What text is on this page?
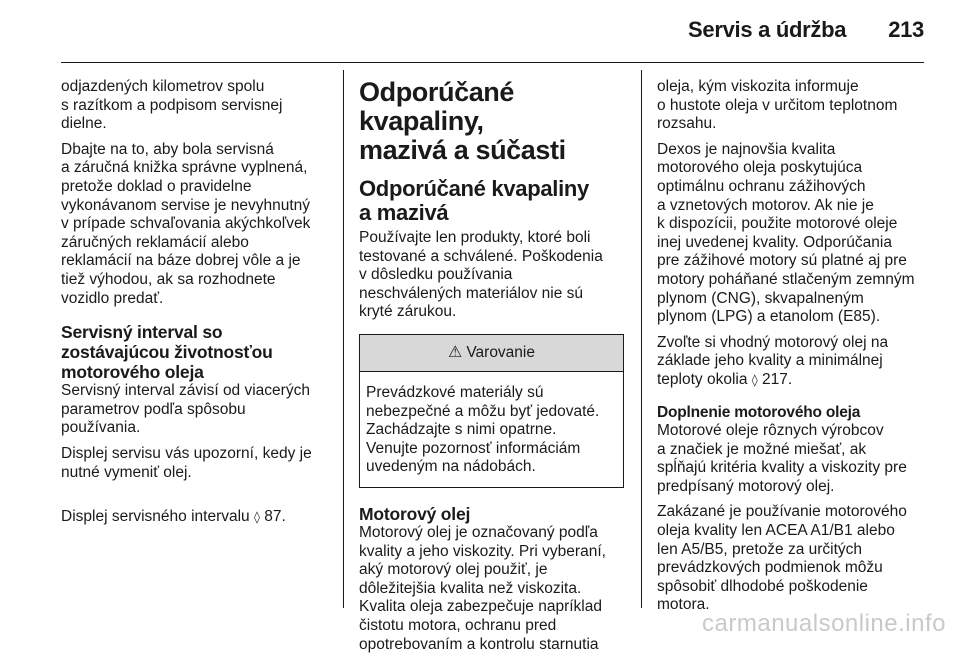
Servis a údržba 213

odjazdených kilometrov spolu
s razítkom a podpisom servisnej
dielne.

Dbajte na to, aby bola servisná
a záručná knižka správne vyplnená,
pretože doklad o pravidelne
vykonávanom servise je nevyhnutný
v prípade schvaľovania akýchkoľvek
záručných reklamácií alebo
reklamácií na báze dobrej vôle a je
tiež výhodou, ak sa rozhodnete
vozidlo predať.

Servisný interval so
zostávajúcou životnosťou
motorového oleja

Servisný interval závisí od viacerých
parametrov podľa spôsobu
používania.

Displej servisu vás upozorní, kedy je
nutné vymeniť olej.

Displej servisného intervalu ◊ 87.

Odporúčané kvapaliny,
mazivá a súčasti
Odporúčané kvapaliny
a mazivá

Používajte len produkty, ktoré boli
testované a schválené. Poškodenia
v dôsledku používania
neschválených materiálov nie sú
kryté zárukou.

⚠ Varovanie
Prevádzkové materiály sú
nebezpečné a môžu byť jedovaté.
Zachádzajte s nimi opatrne.
Venujte pozornosť informáciám
uvedeným na nádobách.
Motorový olej

Motorový olej je označovaný podľa
kvality a jeho viskozity. Pri vyberaní,
aký motorový olej použiť, je
dôležitejšia kvalita než viskozita.
Kvalita oleja zabezpečuje napríklad
čistotu motora, ochranu pred
opotrebovaním a kontrolu starnutia

oleja, kým viskozita informuje
o hustote oleja v určitom teplotnom
rozsahu.

Dexos je najnovšia kvalita
motorového oleja poskytujúca
optimálnu ochranu zážihových
a vznetových motorov. Ak nie je
k dispozícii, použite motorové oleje
inej uvedenej kvality. Odporúčania
pre zážihové motory sú platné aj pre
motory poháňané stlačeným zemným
plynom (CNG), skvapalneným
plynom (LPG) a etanolom (E85).

Zvoľte si vhodný motorový olej na
základe jeho kvality a minimálnej
teploty okolia ◊ 217.

Doplnenie motorového oleja

Motorové oleje rôznych výrobcov
a značiek je možné miešať, ak
spĺňajú kritéria kvality a viskozity pre
predpísaný motorový olej.

Zakázané je používanie motorového
oleja kvality len ACEA A1/B1 alebo
len A5/B5, pretože za určitých
prevádzkových podmienok môžu
spôsobiť dlhodobé poškodenie
motora.

carmanualsonline.info
